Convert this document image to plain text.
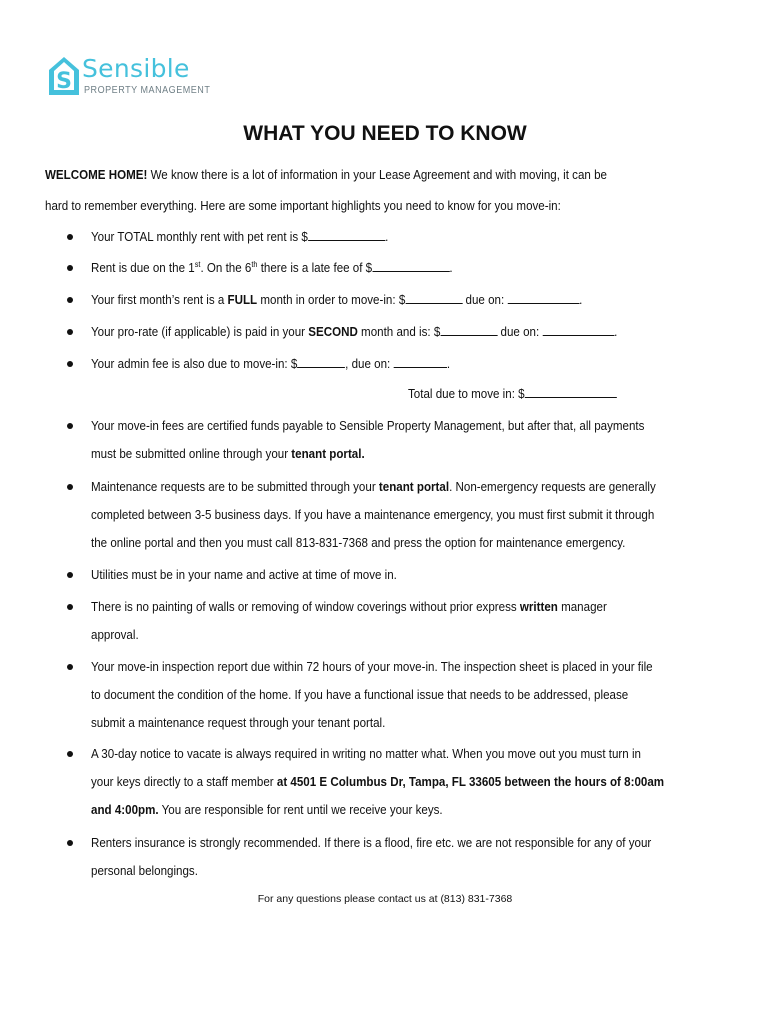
S Sensible
PROPERTY MANAGEMENT
WHAT YOU NEED TO KNOW
WELCOME HOME! We know there is a lot of information in your Lease Agreement and with moving, it can be
hard to remember everything. Here are some important highlights you need to know for you move-in:
Your TOTAL monthly rent with pet rent is $	.
Rent is due on the 1st. On the 6th there is a late fee of $	.
Your first month’s rent is a FULL month in order to move-in: $	due on:	.
Your pro-rate (if applicable) is paid in your SECOND month and is: $	due on:	.
Your admin fee is also due to move-in: $	, due on:	.
Total due to move in: $
Your move-in fees are certified funds payable to Sensible Property Management, but after that, all payments
must be submitted online through your tenant portal.
Maintenance requests are to be submitted through your tenant portal. Non-emergency requests are generally
completed between 3-5 business days. If you have a maintenance emergency, you must first submit it through
the online portal and then you must call 813-831-7368 and press the option for maintenance emergency.
Utilities must be in your name and active at time of move in.
There is no painting of walls or removing of window coverings without prior express written manager
approval.
Your move-in inspection report due within 72 hours of your move-in. The inspection sheet is placed in your file
to document the condition of the home. If you have a functional issue that needs to be addressed, please
submit a maintenance request through your tenant portal.
A 30-day notice to vacate is always required in writing no matter what. When you move out you must turn in
your keys directly to a staff member at 4501 E Columbus Dr, Tampa, FL 33605 between the hours of 8:00am
and 4:00pm. You are responsible for rent until we receive your keys.
Renters insurance is strongly recommended. If there is a flood, fire etc. we are not responsible for any of your
personal belongings.
For any questions please contact us at (813) 831-7368
